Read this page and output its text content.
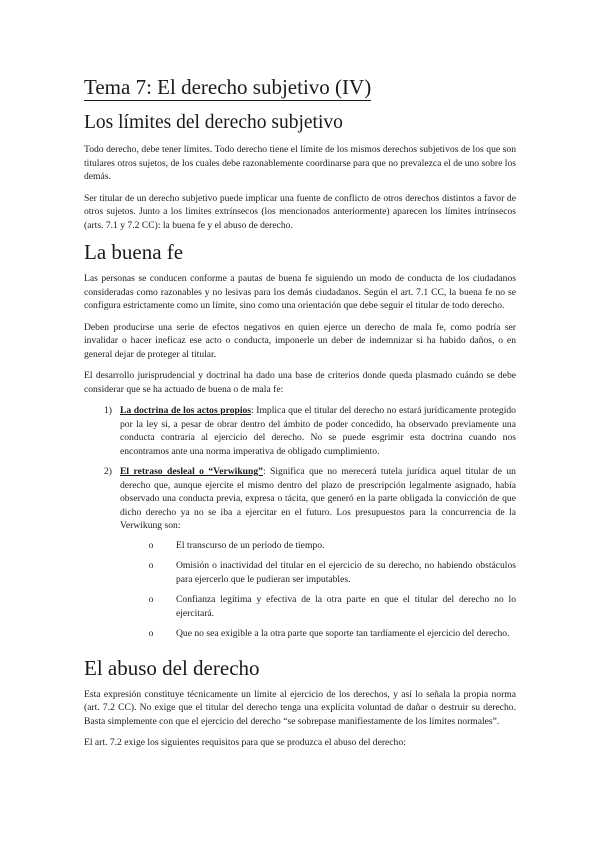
Tema 7: El derecho subjetivo (IV)
Los límites del derecho subjetivo

Todo derecho, debe tener límites. Todo derecho tiene el límite de los mismos derechos subjetivos de los que son titulares otros sujetos, de los cuales debe razonablemente coordinarse para que no prevalezca el de uno sobre los demás.

Ser titular de un derecho subjetivo puede implicar una fuente de conflicto de otros derechos distintos a favor de otros sujetos. Junto a los límites extrínsecos (los mencionados anteriormente) aparecen los límites intrínsecos (arts. 7.1 y 7.2 CC): la buena fe y el abuso de derecho.

La buena fe

Las personas se conducen conforme a pautas de buena fe siguiendo un modo de conducta de los ciudadanos consideradas como razonables y no lesivas para los demás ciudadanos. Según el art. 7.1 CC, la buena fe no se configura estrictamente como un límite, sino como una orientación que debe seguir el titular de todo derecho.

Deben producirse una serie de efectos negativos en quien ejerce un derecho de mala fe, como podría ser invalidar o hacer ineficaz ese acto o conducta, imponerle un deber de indemnizar si ha habido daños, o en general dejar de proteger al titular.

El desarrollo jurisprudencial y doctrinal ha dado una base de criterios donde queda plasmado cuándo se debe considerar que se ha actuado de buena o de mala fe:

1) La doctrina de los actos propios: Implica que el titular del derecho no estará jurídicamente protegido por la ley si, a pesar de obrar dentro del ámbito de poder concedido, ha observado previamente una conducta contraria al ejercicio del derecho. No se puede esgrimir esta doctrina cuando nos encontramos ante una norma imperativa de obligado cumplimiento.
2) El retraso desleal o “Verwikung”: Significa que no merecerá tutela jurídica aquel titular de un derecho que, aunque ejercite el mismo dentro del plazo de prescripción legalmente asignado, había observado una conducta previa, expresa o tácita, que generó en la parte obligada la convicción de que dicho derecho ya no se iba a ejercitar en el futuro. Los presupuestos para la concurrencia de la Verwikung son:
o	El transcurso de un período de tiempo.
o	Omisión o inactividad del titular en el ejercicio de su derecho, no habiendo obstáculos para ejercerlo que le pudieran ser imputables.
o	Confianza legítima y efectiva de la otra parte en que el titular del derecho no lo ejercitará.
o	Que no sea exigible a la otra parte que soporte tan tardíamente el ejercicio del derecho.
El abuso del derecho

Esta expresión constituye técnicamente un límite al ejercicio de los derechos, y así lo señala la propia norma (art. 7.2 CC). No exige que el titular del derecho tenga una explícita voluntad de dañar o destruir su derecho. Basta simplemente con que el ejercicio del derecho “se sobrepase manifiestamente de los límites normales”.

El art. 7.2 exige los siguientes requisitos para que se produzca el abuso del derecho:
